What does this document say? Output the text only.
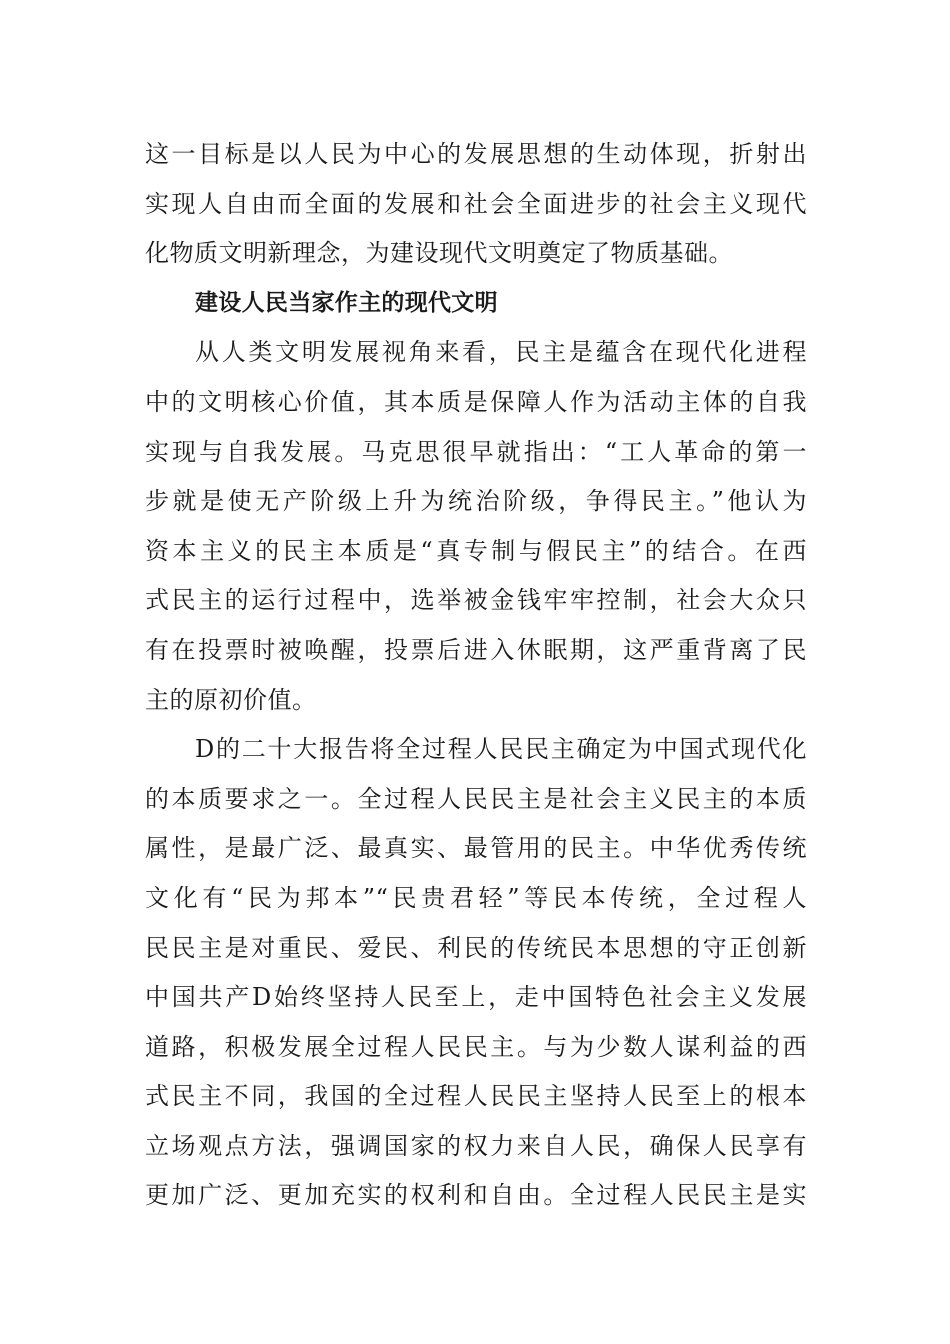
这一目标是以人民为中心的发展思想的生动体现，折射出
实现人自由而全面的发展和社会全面进步的社会主义现代
化物质文明新理念，为建设现代文明奠定了物质基础。
建设人民当家作主的现代文明
从人类文明发展视角来看，民主是蕴含在现代化进程
中的文明核心价值，其本质是保障人作为活动主体的自我
实现与自我发展。马克思很早就指出：“工人革命的第一
步就是使无产阶级上升为统治阶级，争得民主。”他认为
资本主义的民主本质是“真专制与假民主”的结合。在西
式民主的运行过程中，选举被金钱牢牢控制，社会大众只
有在投票时被唤醒，投票后进入休眠期，这严重背离了民
主的原初价值。
D的二十大报告将全过程人民民主确定为中国式现代化
的本质要求之一。全过程人民民主是社会主义民主的本质
属性，是最广泛、最真实、最管用的民主。中华优秀传统
文化有“民为邦本”“民贵君轻”等民本传统，全过程人
民民主是对重民、爱民、利民的传统民本思想的守正创新
中国共产D始终坚持人民至上，走中国特色社会主义发展
道路，积极发展全过程人民民主。与为少数人谋利益的西
式民主不同，我国的全过程人民民主坚持人民至上的根本
立场观点方法，强调国家的权力来自人民，确保人民享有
更加广泛、更加充实的权利和自由。全过程人民民主是实
